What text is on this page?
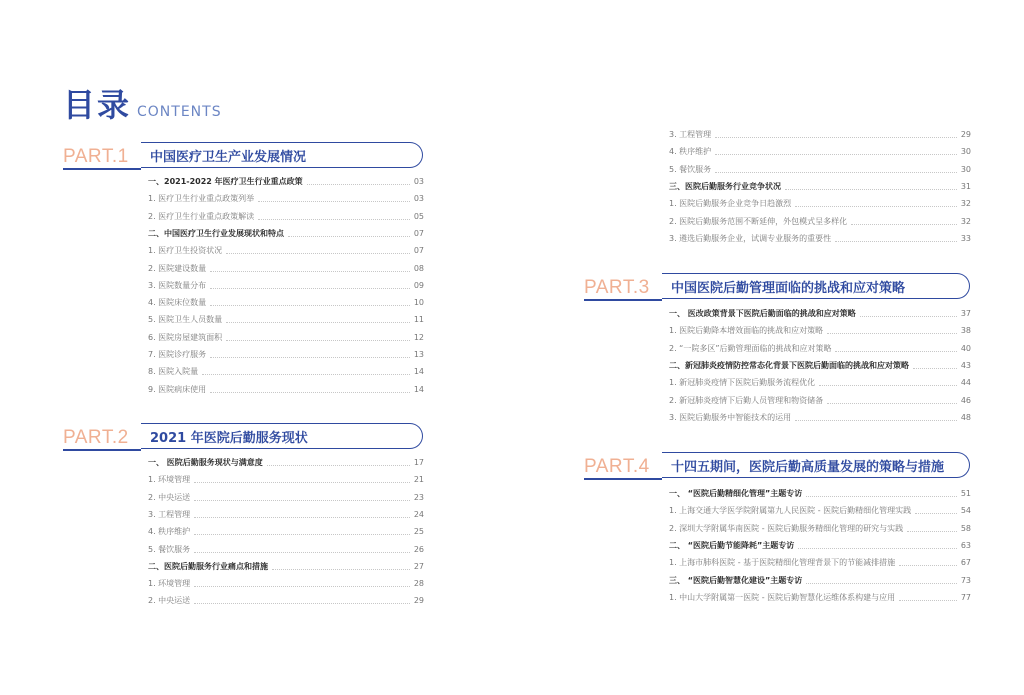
目录 CONTENTS
PART.1 中国医疗卫生产业发展情况
一、2021-2022 年医疗卫生行业重点政策	03
1. 医疗卫生行业重点政策列举	03
2. 医疗卫生行业重点政策解读	05
二、中国医疗卫生行业发展现状和特点	07
1. 医疗卫生投资状况	07
2. 医院建设数量	08
3. 医院数量分布	09
4. 医院床位数量	10
5. 医院卫生人员数量	11
6. 医院房屋建筑面积	12
7. 医院诊疗服务	13
8. 医院入院量	14
9. 医院病床使用	14
PART.2 2021 年医院后勤服务现状
一、 医院后勤服务现状与满意度	17
1. 环境管理	21
2. 中央运送	23
3. 工程管理	24
4. 秩序维护	25
5. 餐饮服务	26
二、医院后勤服务行业痛点和措施	27
1. 环境管理	28
2. 中央运送	29
3. 工程管理	29
4. 秩序维护	30
5. 餐饮服务	30
三、医院后勤服务行业竞争状况	31
1. 医院后勤服务企业竞争日趋激烈	32
2. 医院后勤服务范围不断延伸，外包模式呈多样化	32
3. 遴选后勤服务企业，试调专业服务的重要性	33
PART.3 中国医院后勤管理面临的挑战和应对策略
一、 医改政策背景下医院后勤面临的挑战和应对策略	37
1. 医院后勤降本增效面临的挑战和应对策略	38
2. “一院多区”后勤管理面临的挑战和应对策略	40
二、新冠肺炎疫情防控常态化背景下医院后勤面临的挑战和应对策略	43
1. 新冠肺炎疫情下医院后勤服务流程优化	44
2. 新冠肺炎疫情下后勤人员管理和物资储备	46
3. 医院后勤服务中智能技术的运用	48
PART.4 十四五期间，医院后勤高质量发展的策略与措施
一、 “医院后勤精细化管理”主题专访	51
1. 上海交通大学医学院附属第九人民医院 - 医院后勤精细化管理实践	54
2. 深圳大学附属华南医院 - 医院后勤服务精细化管理的研究与实践	58
二、 “医院后勤节能降耗”主题专访	63
1. 上海市肺科医院 - 基于医院精细化管理背景下的节能减排措施	67
三、 “医院后勤智慧化建设”主题专访	73
1. 中山大学附属第一医院 - 医院后勤智慧化运维体系构建与应用	77
